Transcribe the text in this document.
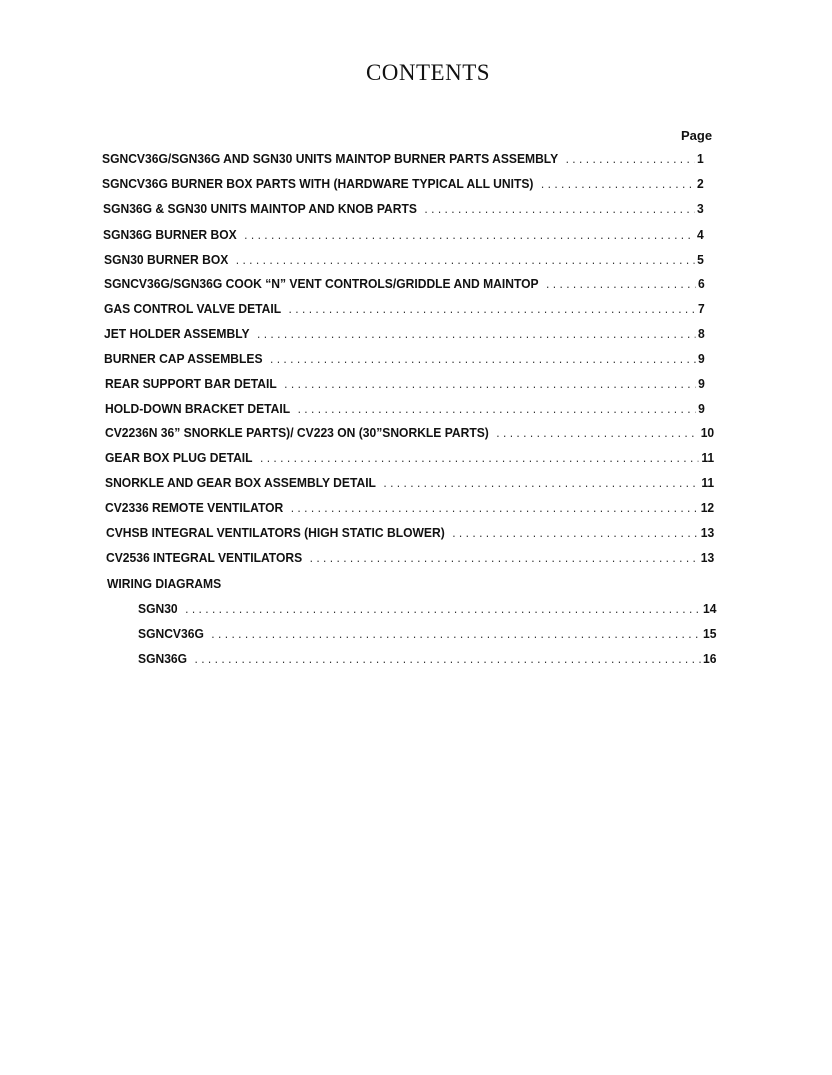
CONTENTS
Page
SGNCV36G/SGN36G AND SGN30 UNITS MAINTOP BURNER PARTS ASSEMBLY . . .	1
SGNCV36G BURNER BOX PARTS WITH (HARDWARE TYPICAL ALL UNITS) . . .	2
SGN36G & SGN30 UNITS MAINTOP AND KNOB PARTS . . .	3
SGN36G BURNER BOX . . .	4
SGN30 BURNER BOX . . .	5
SGNCV36G/SGN36G COOK “N” VENT CONTROLS/GRIDDLE AND MAINTOP . . .	6
GAS CONTROL VALVE DETAIL . . .	7
JET HOLDER ASSEMBLY . . .	8
BURNER CAP ASSEMBLES . . .	9
REAR SUPPORT BAR DETAIL . . .	9
HOLD-DOWN BRACKET DETAIL . . .	9
CV2236N 36” SNORKLE PARTS)/ CV223 ON (30”SNORKLE PARTS) . . .	10
GEAR BOX PLUG DETAIL . . .	11
SNORKLE AND GEAR BOX ASSEMBLY DETAIL . . .	11
CV2336 REMOTE VENTILATOR . . .	12
CVHSB INTEGRAL VENTILATORS (HIGH STATIC BLOWER) . . .	13
CV2536 INTEGRAL VENTILATORS . . .	13
WIRING DIAGRAMS
SGN30 . . .	14
SGNCV36G . . .	15
SGN36G . . .	16
